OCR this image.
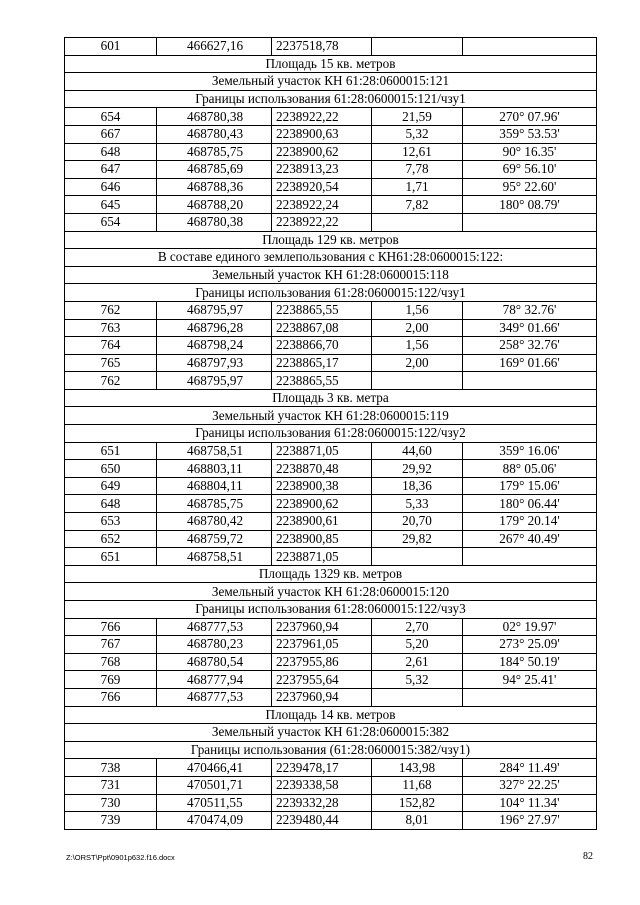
601	466627,16	2237518,78		
Площадь 15 кв. метров				
Земельный участок КН 61:28:0600015:121				
Границы использования 61:28:0600015:121/чзу1				
654	468780,38	2238922,22	21,59	270° 07.96'
667	468780,43	2238900,63	5,32	359° 53.53'
648	468785,75	2238900,62	12,61	90° 16.35'
647	468785,69	2238913,23	7,78	69° 56.10'
646	468788,36	2238920,54	1,71	95° 22.60'
645	468788,20	2238922,24	7,82	180° 08.79'
654	468780,38	2238922,22		
Площадь 129 кв. метров				
В составе единого землепользования с КН61:28:0600015:122:				
Земельный участок КН 61:28:0600015:118				
Границы использования 61:28:0600015:122/чзу1				
762	468795,97	2238865,55	1,56	78° 32.76'
763	468796,28	2238867,08	2,00	349° 01.66'
764	468798,24	2238866,70	1,56	258° 32.76'
765	468797,93	2238865,17	2,00	169° 01.66'
762	468795,97	2238865,55		
Площадь 3 кв. метра				
Земельный участок КН 61:28:0600015:119				
Границы использования 61:28:0600015:122/чзу2				
651	468758,51	2238871,05	44,60	359° 16.06'
650	468803,11	2238870,48	29,92	88° 05.06'
649	468804,11	2238900,38	18,36	179° 15.06'
648	468785,75	2238900,62	5,33	180° 06.44'
653	468780,42	2238900,61	20,70	179° 20.14'
652	468759,72	2238900,85	29,82	267° 40.49'
651	468758,51	2238871,05		
Площадь 1329 кв. метров				
Земельный участок КН 61:28:0600015:120				
Границы использования 61:28:0600015:122/чзу3				
766	468777,53	2237960,94	2,70	02° 19.97'
767	468780,23	2237961,05	5,20	273° 25.09'
768	468780,54	2237955,86	2,61	184° 50.19'
769	468777,94	2237955,64	5,32	94° 25.41'
766	468777,53	2237960,94		
Площадь 14 кв. метров				
Земельный участок КН 61:28:0600015:382				
Границы использования (61:28:0600015:382/чзу1)				
738	470466,41	2239478,17	143,98	284° 11.49'
731	470501,71	2239338,58	11,68	327° 22.25'
730	470511,55	2239332,28	152,82	104° 11.34'
739	470474,09	2239480,44	8,01	196° 27.97'
Z:\ORST\Ppt\0901p632.f16.docx	82
